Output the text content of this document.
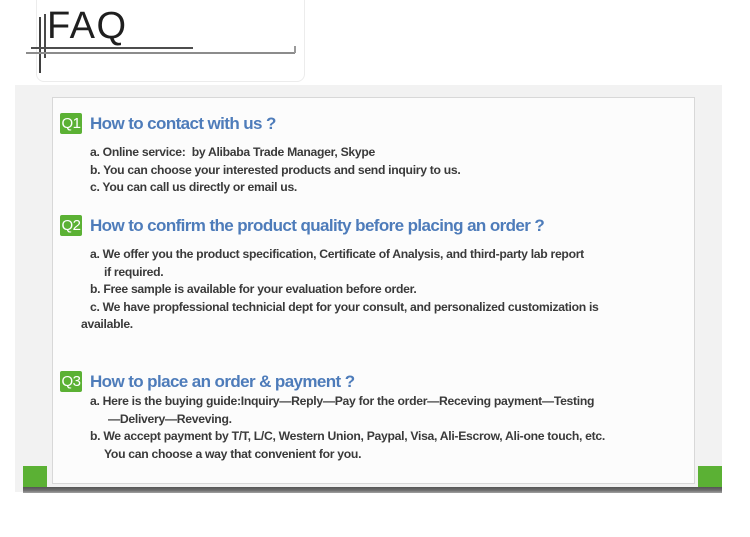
FAQ
Q1 How to contact with us ?
a. Online service:  by Alibaba Trade Manager, Skype
b. You can choose your interested products and send inquiry to us.
c. You can call us directly or email us.
Q2 How to confirm the product quality before placing an order ?
a. We offer you the product specification, Certificate of Analysis, and third-party lab report
if required.
b. Free sample is available for your evaluation before order.
c. We have propfessional technicial dept for your consult, and personalized customization is
available.
Q3 How to place an order & payment ?
a. Here is the buying guide:Inquiry—Reply—Pay for the order—Receving payment—Testing
—Delivery—Reveving.
b. We accept payment by T/T, L/C, Western Union, Paypal, Visa, Ali-Escrow, Ali-one touch, etc.
You can choose a way that convenient for you.
